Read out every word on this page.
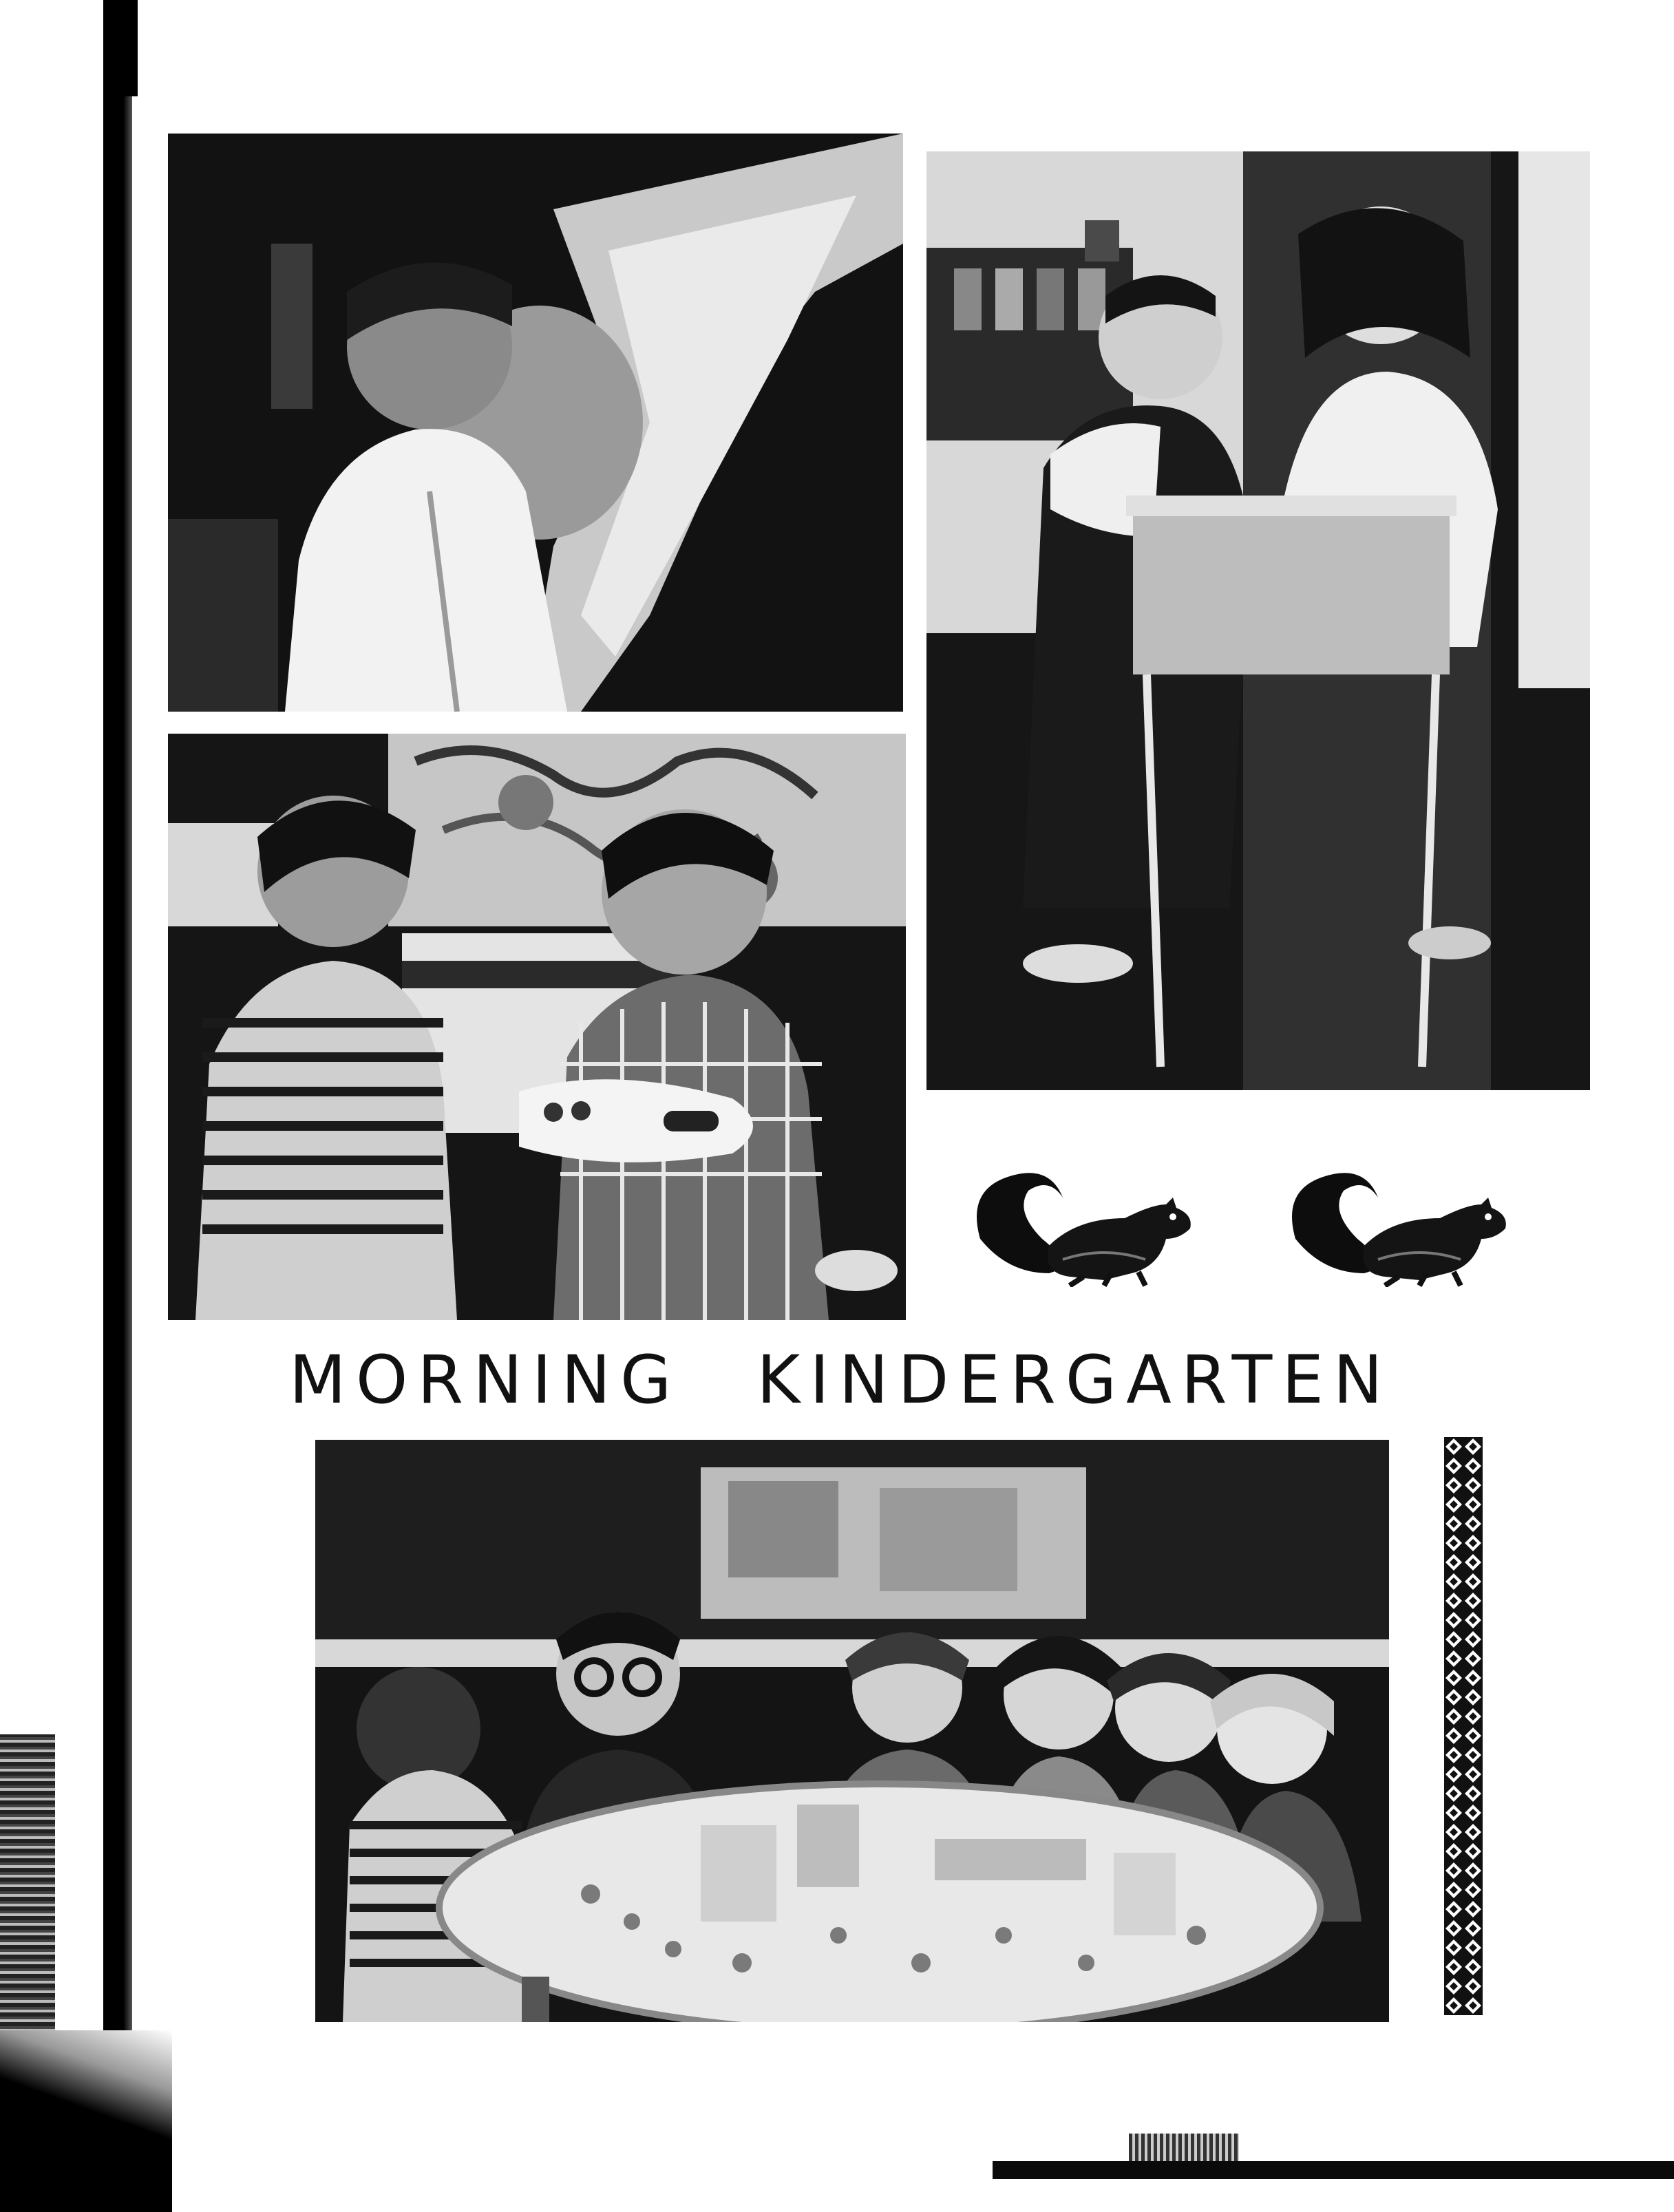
MORNING KINDERGARTEN
